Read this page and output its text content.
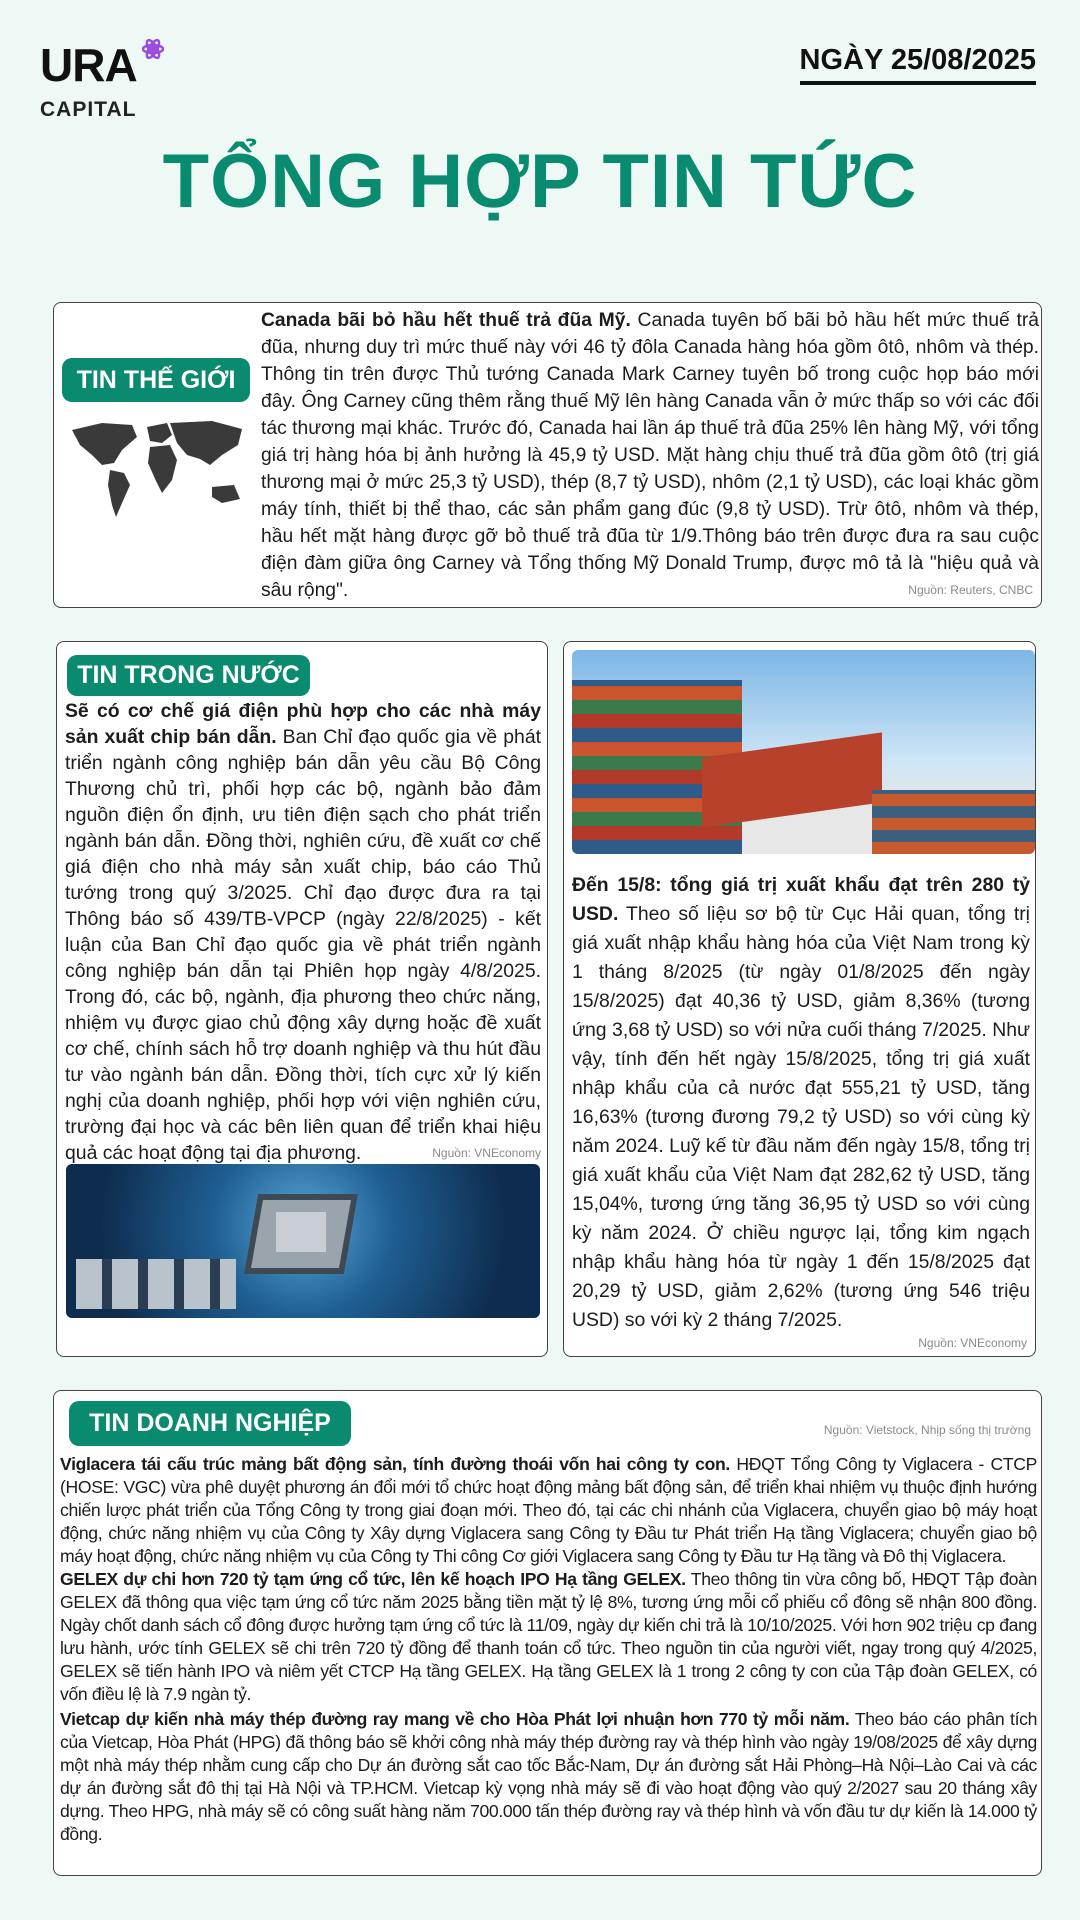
URA
CAPITAL
NGÀY 25/08/2025
TỔNG HỢP TIN TỨC
TIN THẾ GIỚI
Canada bãi bỏ hầu hết thuế trả đũa Mỹ. Canada tuyên bố bãi bỏ hầu hết mức thuế trả đũa, nhưng duy trì mức thuế này với 46 tỷ đôla Canada hàng hóa gồm ôtô, nhôm và thép. Thông tin trên được Thủ tướng Canada Mark Carney tuyên bố trong cuộc họp báo mới đây. Ông Carney cũng thêm rằng thuế Mỹ lên hàng Canada vẫn ở mức thấp so với các đối tác thương mại khác. Trước đó, Canada hai lần áp thuế trả đũa 25% lên hàng Mỹ, với tổng giá trị hàng hóa bị ảnh hưởng là 45,9 tỷ USD. Mặt hàng chịu thuế trả đũa gồm ôtô (trị giá thương mại ở mức 25,3 tỷ USD), thép (8,7 tỷ USD), nhôm (2,1 tỷ USD), các loại khác gồm máy tính, thiết bị thể thao, các sản phẩm gang đúc (9,8 tỷ USD). Trừ ôtô, nhôm và thép, hầu hết mặt hàng được gỡ bỏ thuế trả đũa từ 1/9.Thông báo trên được đưa ra sau cuộc điện đàm giữa ông Carney và Tổng thống Mỹ Donald Trump, được mô tả là "hiệu quả và sâu rộng".	Nguồn: Reuters, CNBC
TIN TRONG NƯỚC
Sẽ có cơ chế giá điện phù hợp cho các nhà máy sản xuất chip bán dẫn. Ban Chỉ đạo quốc gia về phát triển ngành công nghiệp bán dẫn yêu cầu Bộ Công Thương chủ trì, phối hợp các bộ, ngành bảo đảm nguồn điện ổn định, ưu tiên điện sạch cho phát triển ngành bán dẫn. Đồng thời, nghiên cứu, đề xuất cơ chế giá điện cho nhà máy sản xuất chip, báo cáo Thủ tướng trong quý 3/2025. Chỉ đạo được đưa ra tại Thông báo số 439/TB-VPCP (ngày 22/8/2025) - kết luận của Ban Chỉ đạo quốc gia về phát triển ngành công nghiệp bán dẫn tại Phiên họp ngày 4/8/2025. Trong đó, các bộ, ngành, địa phương theo chức năng, nhiệm vụ được giao chủ động xây dựng hoặc đề xuất cơ chế, chính sách hỗ trợ doanh nghiệp và thu hút đầu tư vào ngành bán dẫn. Đồng thời, tích cực xử lý kiến nghị của doanh nghiệp, phối hợp với viện nghiên cứu, trường đại học và các bên liên quan để triển khai hiệu quả các hoạt động tại địa phương.	Nguồn: VNEconomy
Đến 15/8: tổng giá trị xuất khẩu đạt trên 280 tỷ USD. Theo số liệu sơ bộ từ Cục Hải quan, tổng trị giá xuất nhập khẩu hàng hóa của Việt Nam trong kỳ 1 tháng 8/2025 (từ ngày 01/8/2025 đến ngày 15/8/2025) đạt 40,36 tỷ USD, giảm 8,36% (tương ứng 3,68 tỷ USD) so với nửa cuối tháng 7/2025. Như vậy, tính đến hết ngày 15/8/2025, tổng trị giá xuất nhập khẩu của cả nước đạt 555,21 tỷ USD, tăng 16,63% (tương đương 79,2 tỷ USD) so với cùng kỳ năm 2024. Luỹ kế từ đầu năm đến ngày 15/8, tổng trị giá xuất khẩu của Việt Nam đạt 282,62 tỷ USD, tăng 15,04%, tương ứng tăng 36,95 tỷ USD so với cùng kỳ năm 2024. Ở chiều ngược lại, tổng kim ngạch nhập khẩu hàng hóa từ ngày 1 đến 15/8/2025 đạt 20,29 tỷ USD, giảm 2,62% (tương ứng 546 triệu USD) so với kỳ 2 tháng 7/2025.
Nguồn: VNEconomy
TIN DOANH NGHIỆP	Nguồn: Vietstock, Nhịp sống thị trường

Viglacera tái cấu trúc mảng bất động sản, tính đường thoái vốn hai công ty con. HĐQT Tổng Công ty Viglacera - CTCP (HOSE: VGC) vừa phê duyệt phương án đổi mới tổ chức hoạt động mảng bất động sản, để triển khai nhiệm vụ thuộc định hướng chiến lược phát triển của Tổng Công ty trong giai đoạn mới. Theo đó, tại các chi nhánh của Viglacera, chuyển giao bộ máy hoạt động, chức năng nhiệm vụ của Công ty Xây dựng Viglacera sang Công ty Đầu tư Phát triển Hạ tầng Viglacera; chuyển giao bộ máy hoạt động, chức năng nhiệm vụ của Công ty Thi công Cơ giới Viglacera sang Công ty Đầu tư Hạ tầng và Đô thị Viglacera.

GELEX dự chi hơn 720 tỷ tạm ứng cổ tức, lên kế hoạch IPO Hạ tầng GELEX. Theo thông tin vừa công bố, HĐQT Tập đoàn GELEX đã thông qua việc tạm ứng cổ tức năm 2025 bằng tiền mặt tỷ lệ 8%, tương ứng mỗi cổ phiếu cổ đông sẽ nhận 800 đồng. Ngày chốt danh sách cổ đông được hưởng tạm ứng cổ tức là 11/09, ngày dự kiến chi trả là 10/10/2025. Với hơn 902 triệu cp đang lưu hành, ước tính GELEX sẽ chi trên 720 tỷ đồng để thanh toán cổ tức. Theo nguồn tin của người viết, ngay trong quý 4/2025, GELEX sẽ tiến hành IPO và niêm yết CTCP Hạ tầng GELEX. Hạ tầng GELEX là 1 trong 2 công ty con của Tập đoàn GELEX, có vốn điều lệ là 7.9 ngàn tỷ.

Vietcap dự kiến nhà máy thép đường ray mang về cho Hòa Phát lợi nhuận hơn 770 tỷ mỗi năm. Theo báo cáo phân tích của Vietcap, Hòa Phát (HPG) đã thông báo sẽ khởi công nhà máy thép đường ray và thép hình vào ngày 19/08/2025 để xây dựng một nhà máy thép nhằm cung cấp cho Dự án đường sắt cao tốc Bắc-Nam, Dự án đường sắt Hải Phòng–Hà Nội–Lào Cai và các dự án đường sắt đô thị tại Hà Nội và TP.HCM. Vietcap kỳ vọng nhà máy sẽ đi vào hoạt động vào quý 2/2027 sau 20 tháng xây dựng. Theo HPG, nhà máy sẽ có công suất hàng năm 700.000 tấn thép đường ray và thép hình và vốn đầu tư dự kiến là 14.000 tỷ đồng.
